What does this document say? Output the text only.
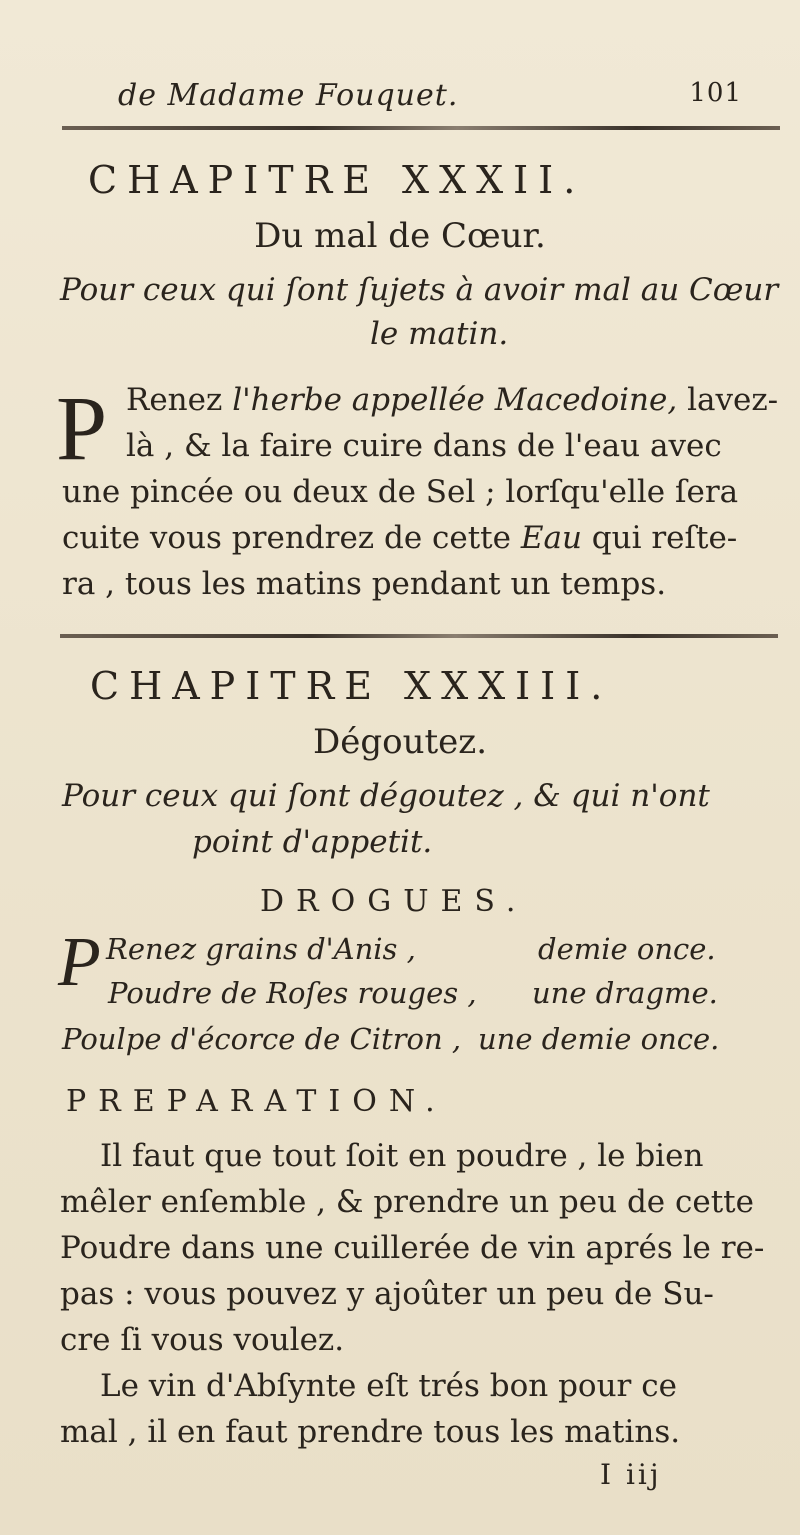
de Madame Fouquet.	101
CHAPITRE XXXII.
Du mal de Cœur.
Pour ceux qui ſont ſujets à avoir mal au Cœur
le matin.
P Renez l'herbe appellée Macedoine, lavez-
là , & la faire cuire dans de l'eau avec
une pincée ou deux de Sel ; lorſqu'elle ſera
cuite vous prendrez de cette Eau qui reſte-
ra , tous les matins pendant un temps.
CHAPITRE XXXIII.
Dégoutez.
Pour ceux qui ſont dégoutez , & qui n'ont
point d'appetit.
DROGUES.
P Renez grains d'Anis ,	demie once.
Poudre de Roſes rouges , une dragme.
Poulpe d'écorce de Citron , une demie once.
PREPARATION.
Il faut que tout ſoit en poudre , le bien
mêler enſemble , & prendre un peu de cette
Poudre dans une cuillerée de vin aprés le re-
pas : vous pouvez y ajoûter un peu de Su-
cre ſi vous voulez.
Le vin d'Abſynte eſt trés bon pour ce
mal , il en faut prendre tous les matins.
I iij
